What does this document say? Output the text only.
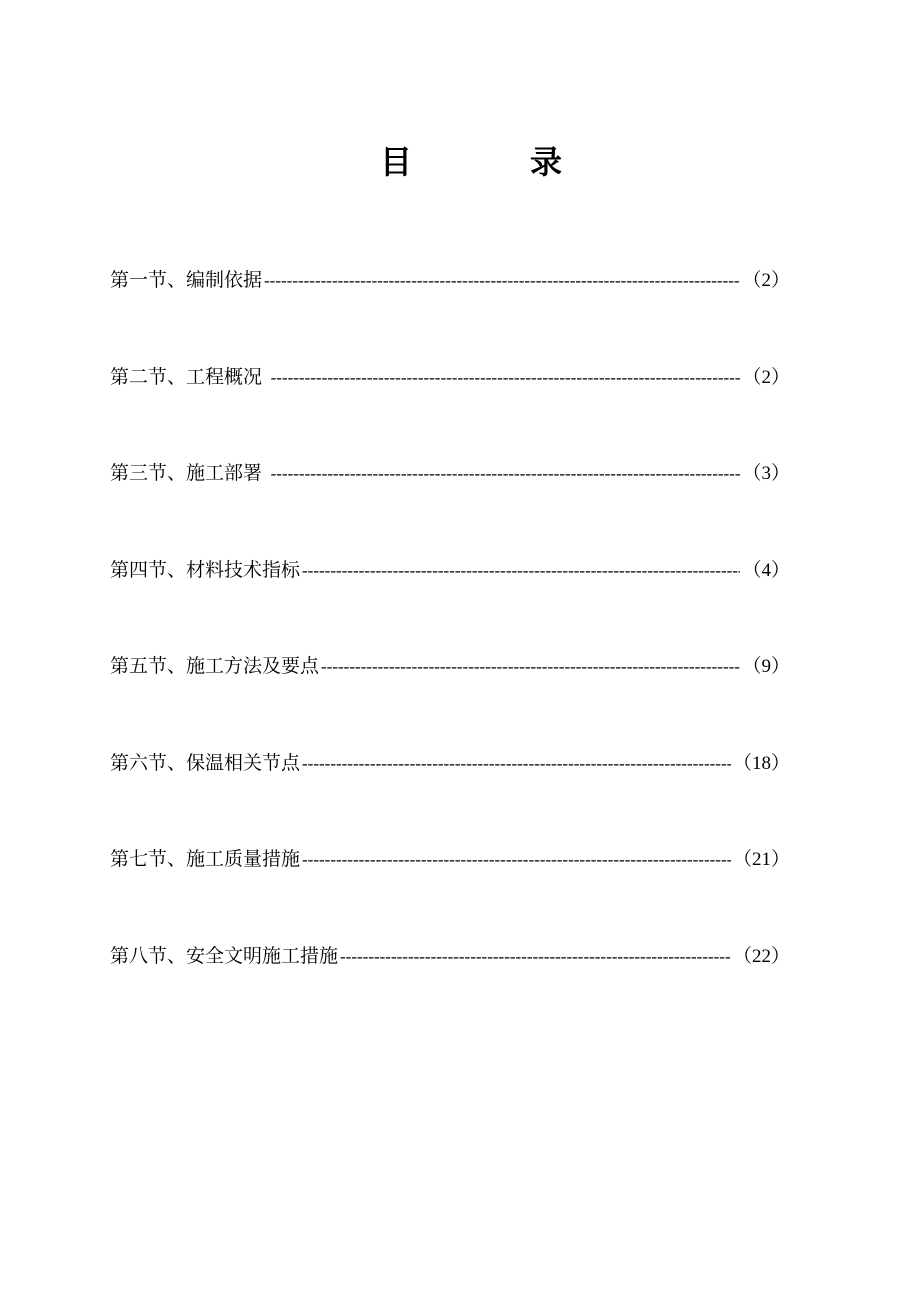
目	录
第一节、编制依据 -----	（2）
第二节、工程概况 -----	（2）
第三节、施工部署 -----	（3）
第四节、材料技术指标 -----	（4）
第五节、施工方法及要点 -----	（9）
第六节、保温相关节点 -----	（18）
第七节、施工质量措施 -----	（21）
第八节、安全文明施工措施 -----	（22）
